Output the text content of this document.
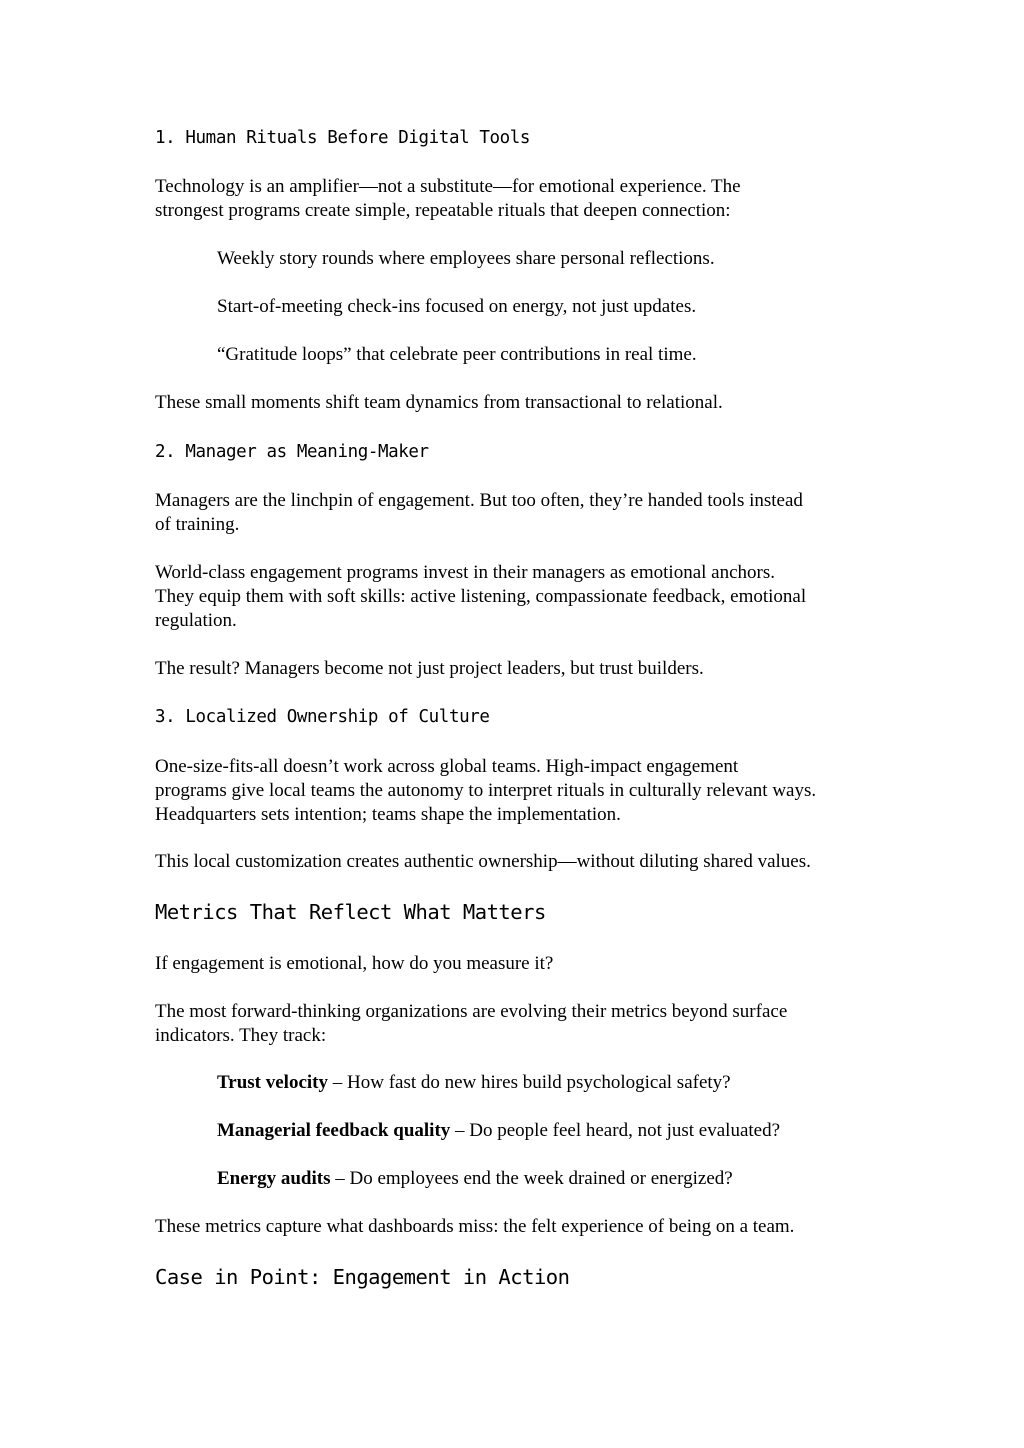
1. Human Rituals Before Digital Tools
Technology is an amplifier—not a substitute—for emotional experience. The
strongest programs create simple, repeatable rituals that deepen connection:
Weekly story rounds where employees share personal reflections.
Start-of-meeting check-ins focused on energy, not just updates.
“Gratitude loops” that celebrate peer contributions in real time.
These small moments shift team dynamics from transactional to relational.
2. Manager as Meaning-Maker
Managers are the linchpin of engagement. But too often, they’re handed tools instead
of training.
World-class engagement programs invest in their managers as emotional anchors.
They equip them with soft skills: active listening, compassionate feedback, emotional
regulation.
The result? Managers become not just project leaders, but trust builders.
3. Localized Ownership of Culture
One-size-fits-all doesn’t work across global teams. High-impact engagement
programs give local teams the autonomy to interpret rituals in culturally relevant ways.
Headquarters sets intention; teams shape the implementation.
This local customization creates authentic ownership—without diluting shared values.
Metrics That Reflect What Matters
If engagement is emotional, how do you measure it?
The most forward-thinking organizations are evolving their metrics beyond surface
indicators. They track:
Trust velocity – How fast do new hires build psychological safety?
Managerial feedback quality – Do people feel heard, not just evaluated?
Energy audits – Do employees end the week drained or energized?
These metrics capture what dashboards miss: the felt experience of being on a team.
Case in Point: Engagement in Action
